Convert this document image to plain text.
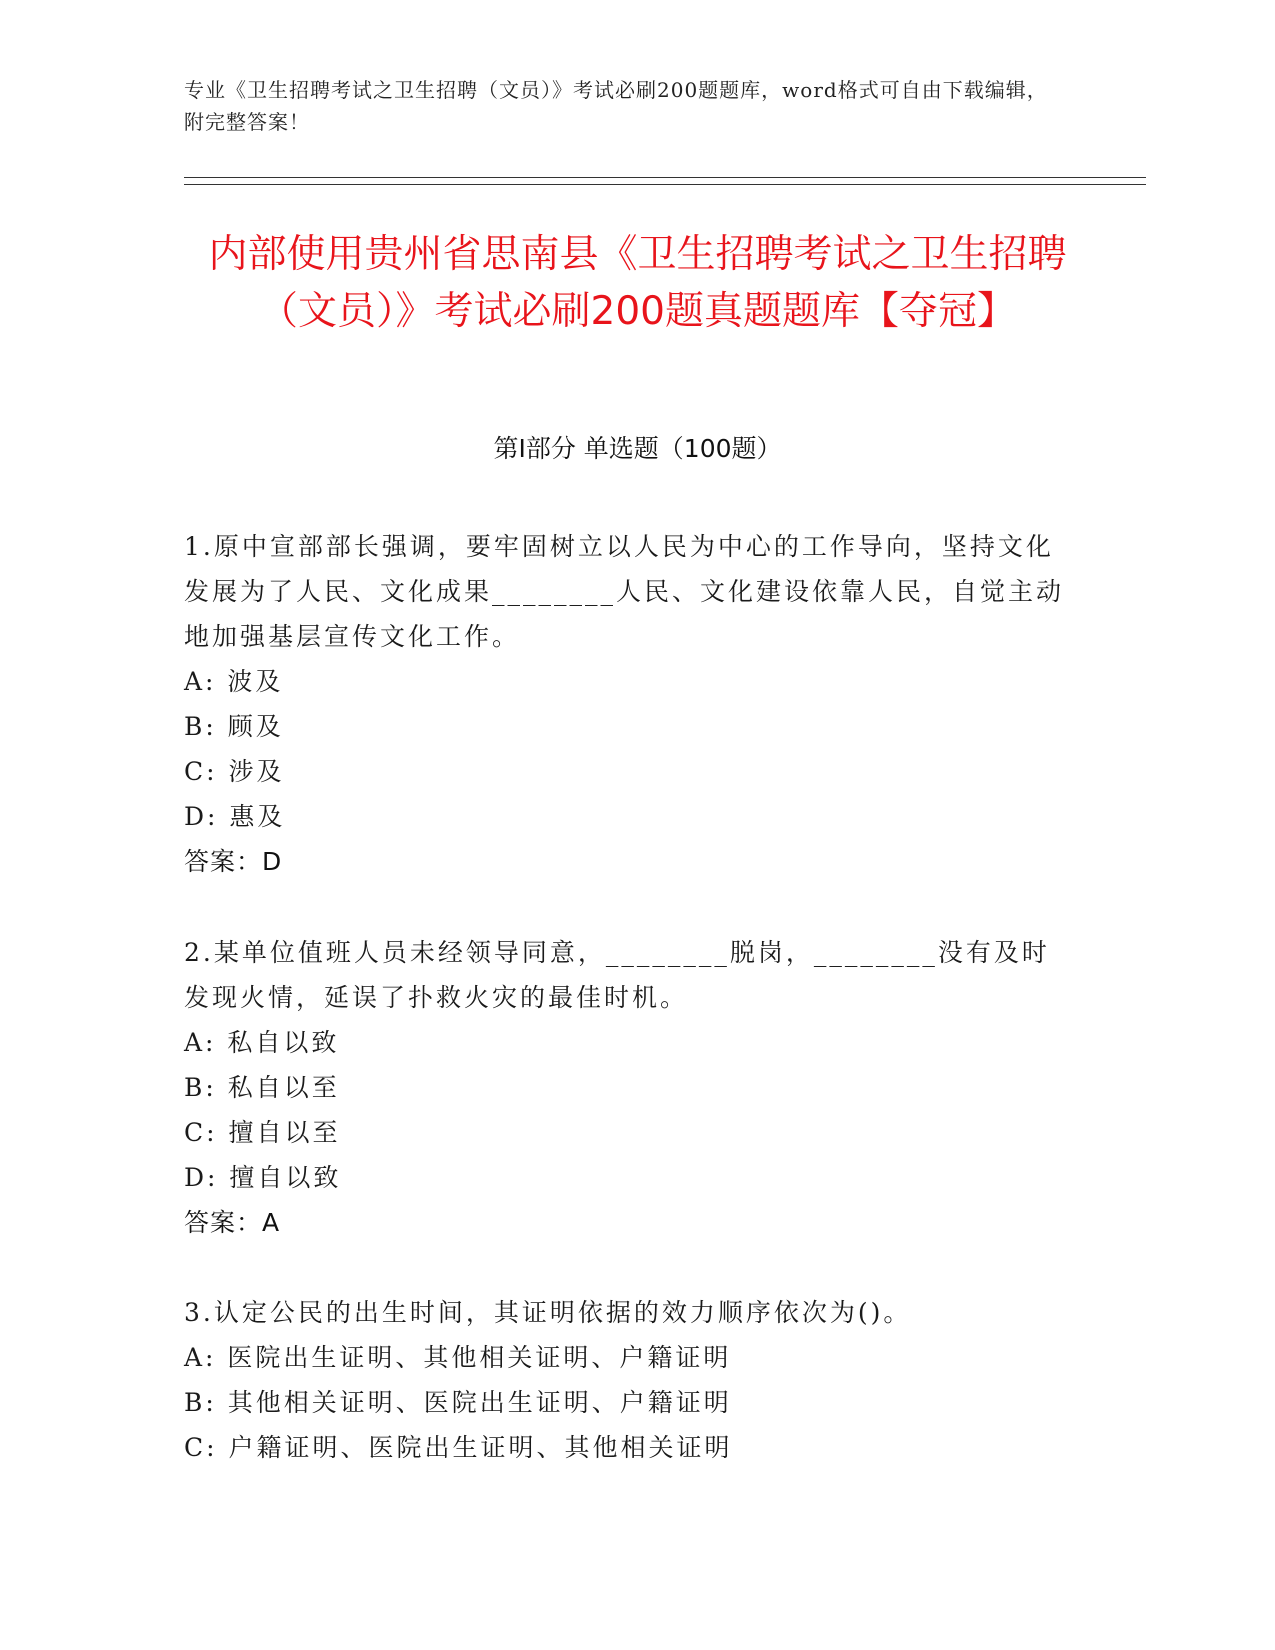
专业《卫生招聘考试之卫生招聘（文员）》考试必刷200题题库，word格式可自由下载编辑，附完整答案！
内部使用贵州省思南县《卫生招聘考试之卫生招聘（文员）》考试必刷200题真题题库【夺冠】
第I部分 单选题（100题）

1.原中宣部部长强调，要牢固树立以人民为中心的工作导向，坚持文化发展为了人民、文化成果________人民、文化建设依靠人民，自觉主动地加强基层宣传文化工作。

A: 波及

B: 顾及

C: 涉及

D: 惠及

答案：D

2.某单位值班人员未经领导同意，________脱岗，________没有及时发现火情，延误了扑救火灾的最佳时机。

A: 私自以致

B: 私自以至

C: 擅自以至

D: 擅自以致

答案：A

3.认定公民的出生时间，其证明依据的效力顺序依次为()。

A: 医院出生证明、其他相关证明、户籍证明

B: 其他相关证明、医院出生证明、户籍证明

C: 户籍证明、医院出生证明、其他相关证明
